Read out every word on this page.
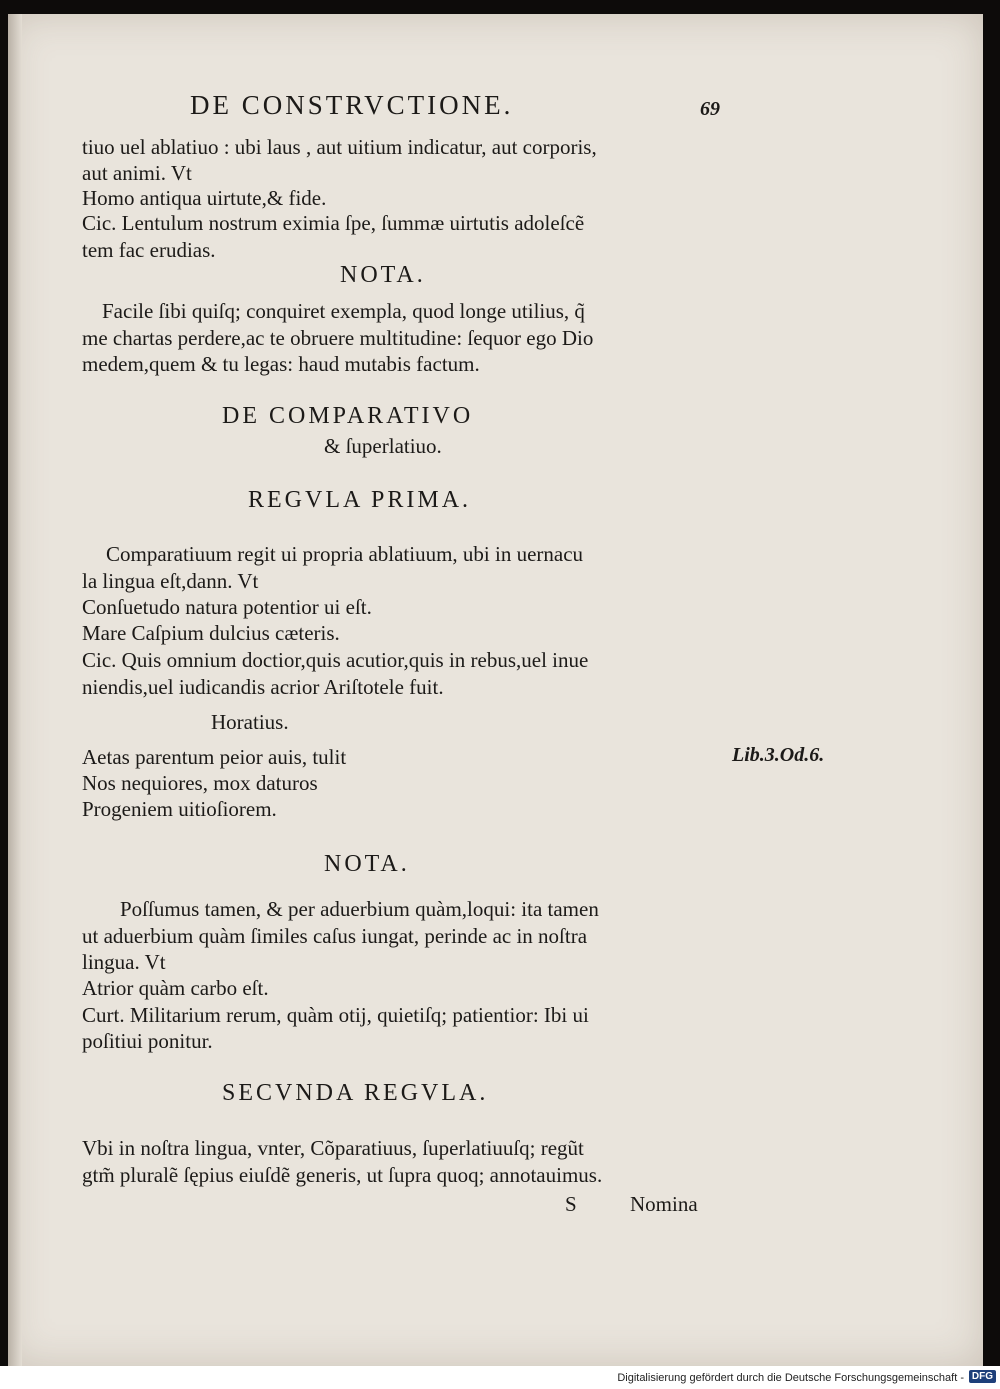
DE CONSTRVCTIONE.	69
tiuo uel ablatiuo : ubi laus , aut uitium indicatur, aut corporis,
aut animi. Vt
Homo antiqua uirtute,& fide.
Cic. Lentulum nostrum eximia ſpe, ſummæ uirtutis adoleſcẽ
tem fac erudias.
NOTA.
Facile ſibi quiſq; conquiret exempla, quod longe utilius, q̃
me chartas perdere,ac te obruere multitudine: ſequor ego Dio
medem,quem & tu legas: haud mutabis factum.
DE COMPARATIVO
& ſuperlatiuo.
REGVLA PRIMA.
Comparatiuum regit ui propria ablatiuum, ubi in uernacu
la lingua eſt,dann. Vt
Conſuetudo natura potentior ui eſt.
Mare Caſpium dulcius cæteris.
Cic. Quis omnium doctior,quis acutior,quis in rebus,uel inue
niendis,uel iudicandis acrior Ariſtotele fuit.
Horatius.
Aetas parentum peior auis, tulit
Nos nequiores, mox daturos
Progeniem uitioſiorem.
Lib.3.Od.6.
NOTA.
Poſſumus tamen, & per aduerbium quàm,loqui: ita tamen
ut aduerbium quàm ſimiles caſus iungat, perinde ac in noſtra
lingua. Vt
Atrior quàm carbo eſt.
Curt. Militarium rerum, quàm otij, quietiſq; patientior: Ibi ui
poſitiui ponitur.
SECVNDA REGVLA.
Vbi in noſtra lingua, vnter, Cõparatiuus, ſuperlatiuuſq; regũt
gtm̃ pluralẽ ſępius eiuſdẽ generis, ut ſupra quoq; annotauimus.
S	Nomina
Digitalisierung gefördert durch die Deutsche Forschungsgemeinschaft - DFG
